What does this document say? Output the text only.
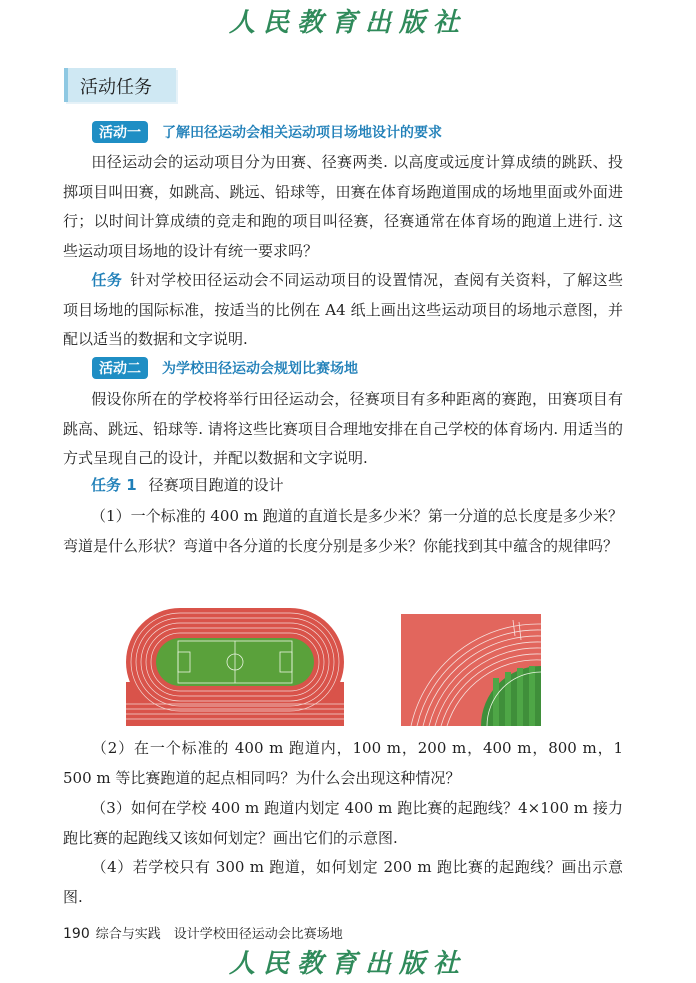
人民教育出版社
活动任务
活动一	了解田径运动会相关运动项目场地设计的要求
田径运动会的运动项目分为田赛、径赛两类. 以高度或远度计算成绩的跳跃、投掷项目叫田赛，如跳高、跳远、铅球等，田赛在体育场跑道围成的场地里面或外面进行；以时间计算成绩的竞走和跑的项目叫径赛，径赛通常在体育场的跑道上进行. 这些运动项目场地的设计有统一要求吗？
任务 针对学校田径运动会不同运动项目的设置情况，查阅有关资料，了解这些项目场地的国际标准，按适当的比例在 A4 纸上画出这些运动项目的场地示意图，并配以适当的数据和文字说明.
活动二	为学校田径运动会规划比赛场地
假设你所在的学校将举行田径运动会，径赛项目有多种距离的赛跑，田赛项目有跳高、跳远、铅球等. 请将这些比赛项目合理地安排在自己学校的体育场内. 用适当的方式呈现自己的设计，并配以数据和文字说明.
任务 1 径赛项目跑道的设计
（1）一个标准的 400 m 跑道的直道长是多少米？第一分道的总长度是多少米？弯道是什么形状？弯道中各分道的长度分别是多少米？你能找到其中蕴含的规律吗？
（2）在一个标准的 400 m 跑道内，100 m，200 m，400 m，800 m，1 500 m 等比赛跑道的起点相同吗？为什么会出现这种情况？
（3）如何在学校 400 m 跑道内划定 400 m 跑比赛的起跑线？4×100 m 接力跑比赛的起跑线又该如何划定？画出它们的示意图.
（4）若学校只有 300 m 跑道，如何划定 200 m 跑比赛的起跑线？画出示意图.
190 综合与实践　设计学校田径运动会比赛场地
人民教育出版社
